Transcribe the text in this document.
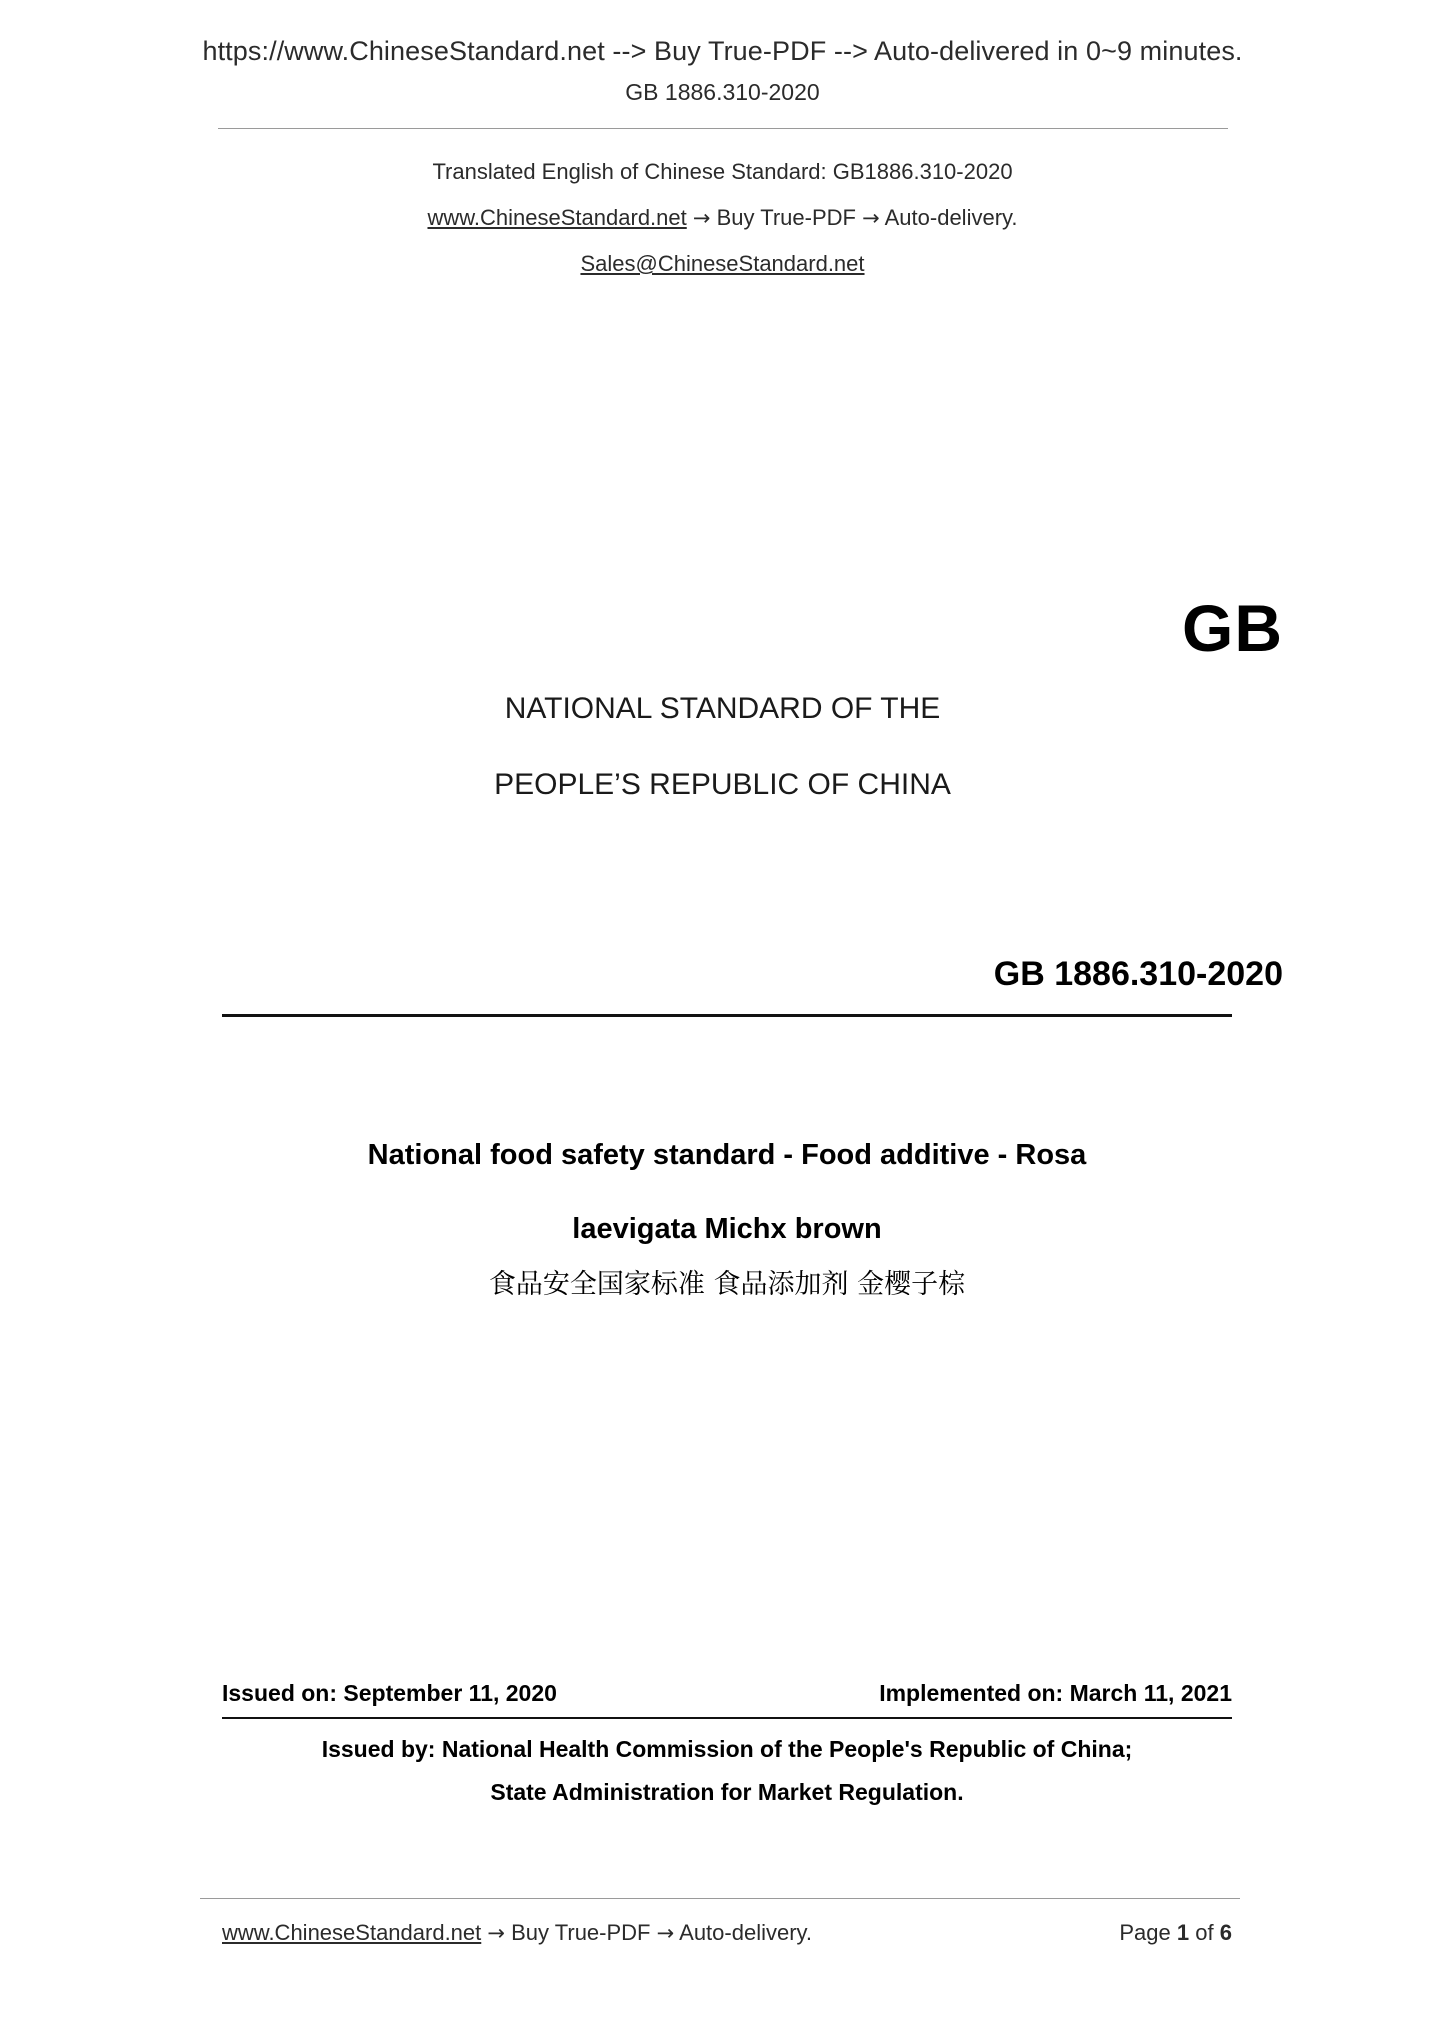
https://www.ChineseStandard.net --> Buy True-PDF --> Auto-delivered in 0~9 minutes.
GB 1886.310-2020
Translated English of Chinese Standard: GB1886.310-2020
www.ChineseStandard.net → Buy True-PDF → Auto-delivery.
Sales@ChineseStandard.net
GB
NATIONAL STANDARD OF THE
PEOPLE’S REPUBLIC OF CHINA
GB 1886.310-2020
National food safety standard - Food additive - Rosa
laevigata Michx brown
食品安全国家标准 食品添加剂 金樱子棕
Issued on: September 11, 2020	Implemented on: March 11, 2021
Issued by: National Health Commission of the People's Republic of China;
State Administration for Market Regulation.
www.ChineseStandard.net → Buy True-PDF → Auto-delivery.	Page 1 of 6
